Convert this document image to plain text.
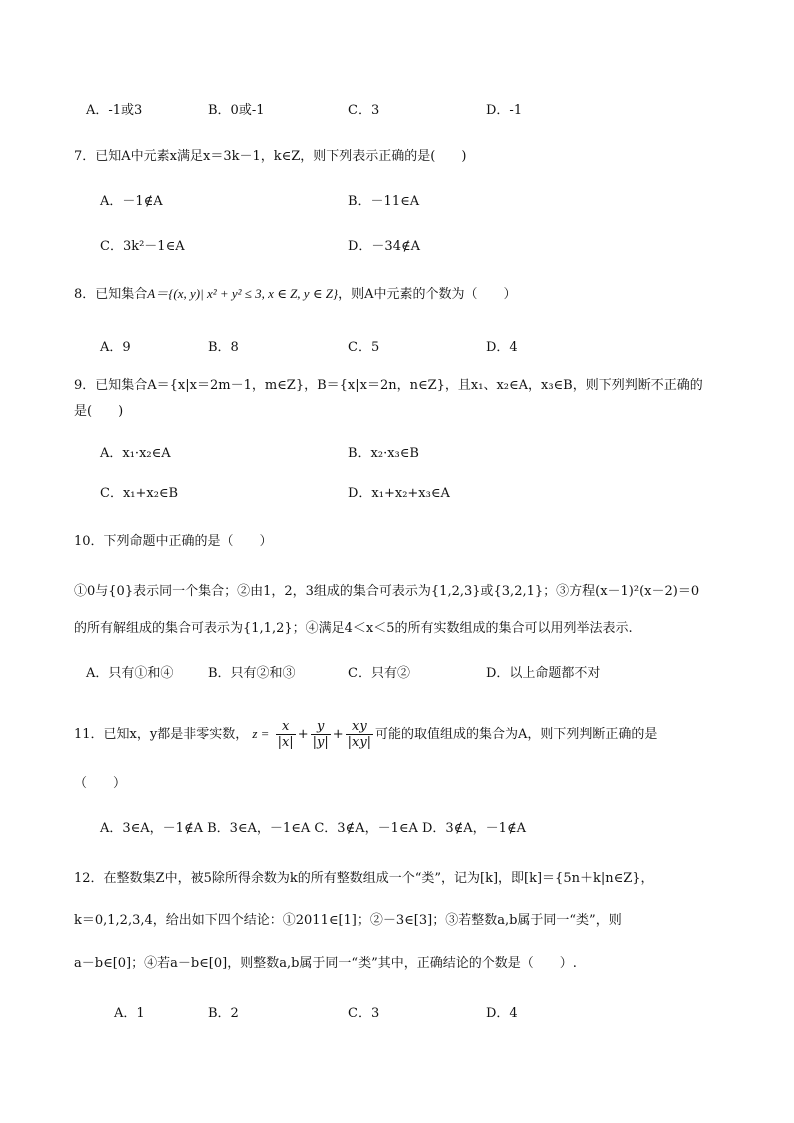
A．-1或3	B．0或-1	C．3	D．-1
7．已知A中元素x满足x＝3k－1，k∈Z，则下列表示正确的是(　　)
A．－1∉A	B．－11∈A
C．3k²－1∈A	D．－34∉A
8．已知集合A＝{(x, y)| x² + y² ≤ 3, x ∈ Z, y ∈ Z}，则A中元素的个数为（　　）
A．9	B．8	C．5	D．4
9．已知集合A＝{x|x＝2m－1，m∈Z}，B＝{x|x＝2n，n∈Z}，且x₁、x₂∈A，x₃∈B，则下列判断不正确的
是(　　)
A．x₁·x₂∈A	B．x₂·x₃∈B
C．x₁+x₂∈B	D．x₁+x₂+x₃∈A
10．下列命题中正确的是（　　）
①0与{0}表示同一个集合；②由1，2，3组成的集合可表示为{1,2,3}或{3,2,1}；③方程(x－1)²(x－2)＝0
的所有解组成的集合可表示为{1,1,2}；④满足4＜x＜5的所有实数组成的集合可以用列举法表示.
A．只有①和④	B．只有②和③	C．只有②	D．以上命题都不对
11．已知x，y都是非零实数， $z = \frac{x}{|x|} + \frac{y}{|y|} + \frac{xy}{|xy|}$ 可能的取值组成的集合为A，则下列判断正确的是
（　　）
A．3∈A，－1∉A B．3∈A，－1∈A C．3∉A，－1∈A D．3∉A，－1∉A
12．在整数集Z中，被5除所得余数为k的所有整数组成一个“类”，记为[k]，即[k]＝{5n＋k|n∈Z}，
k＝0,1,2,3,4，给出如下四个结论：①2011∈[1]；②－3∈[3]；③若整数a,b属于同一“类”，则
a－b∈[0]；④若a－b∈[0]，则整数a,b属于同一“类”其中，正确结论的个数是（　　）.
A．1	B．2	C．3	D．4
